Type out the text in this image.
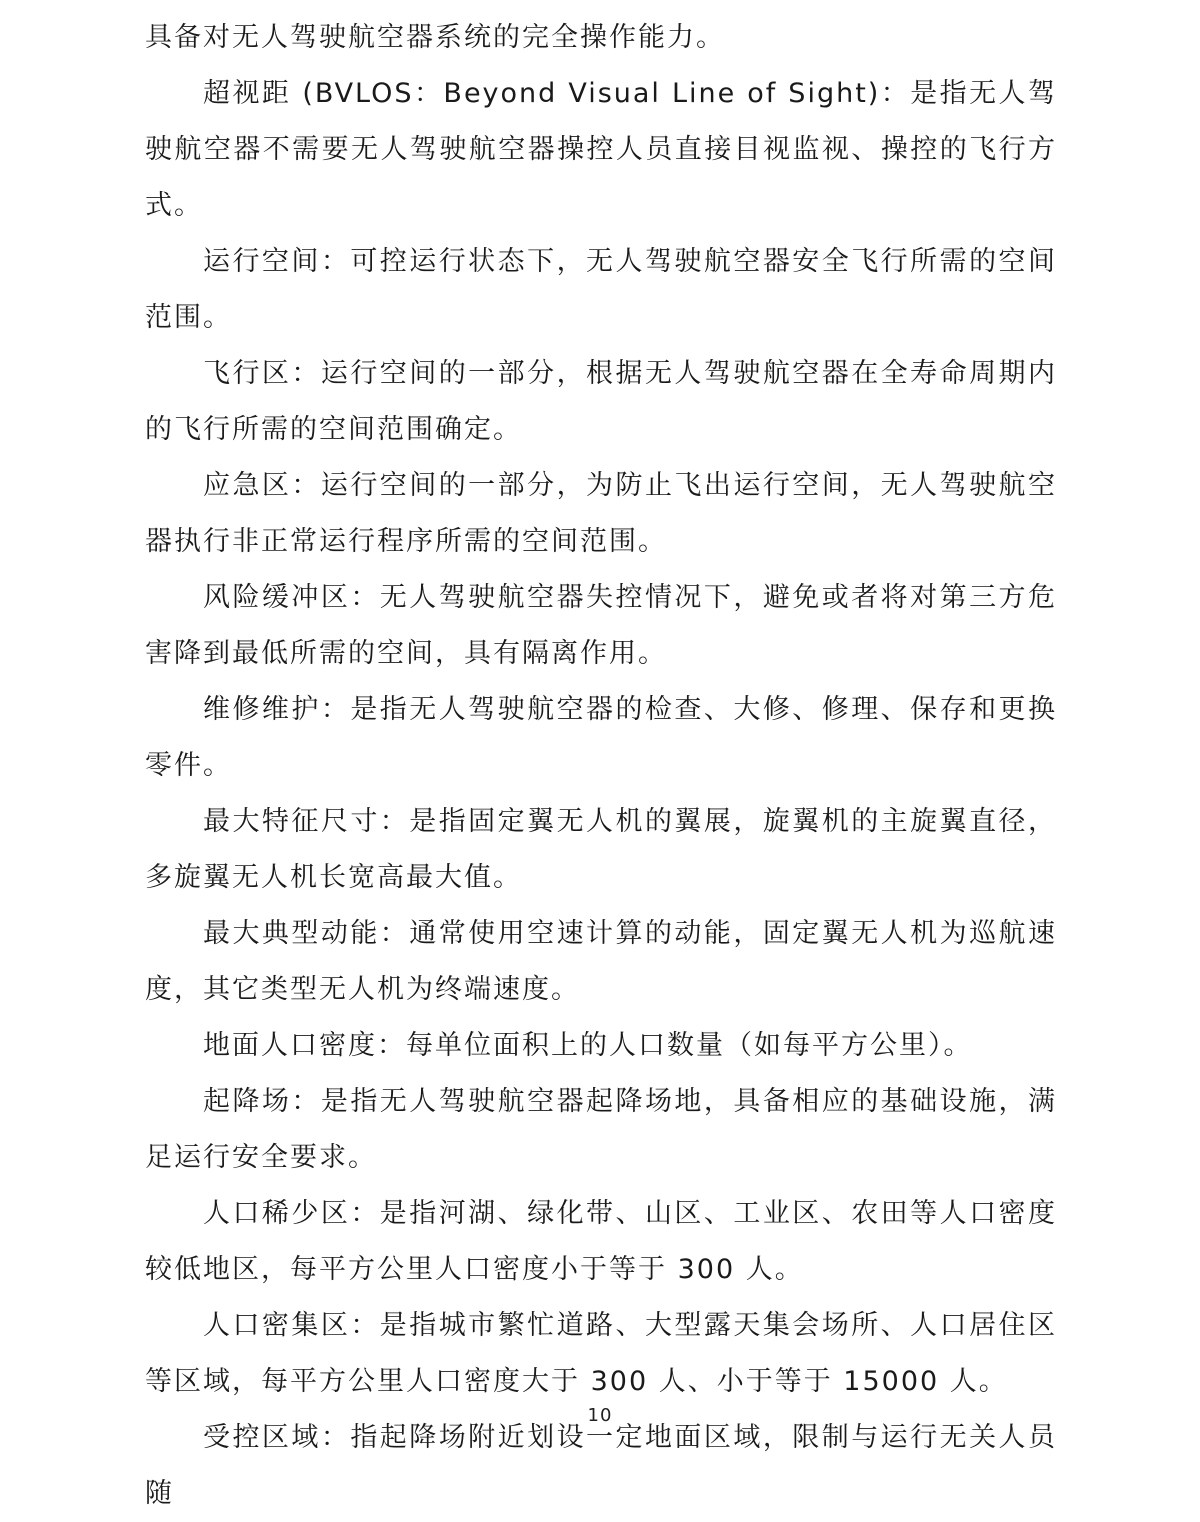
具备对无人驾驶航空器系统的完全操作能力。

超视距 (BVLOS：Beyond Visual Line of Sight)：是指无人驾驶航空器不需要无人驾驶航空器操控人员直接目视监视、操控的飞行方式。

运行空间：可控运行状态下，无人驾驶航空器安全飞行所需的空间范围。

飞行区：运行空间的一部分，根据无人驾驶航空器在全寿命周期内的飞行所需的空间范围确定。

应急区：运行空间的一部分，为防止飞出运行空间，无人驾驶航空器执行非正常运行程序所需的空间范围。

风险缓冲区：无人驾驶航空器失控情况下，避免或者将对第三方危害降到最低所需的空间，具有隔离作用。

维修维护：是指无人驾驶航空器的检查、大修、修理、保存和更换零件。

最大特征尺寸：是指固定翼无人机的翼展，旋翼机的主旋翼直径，多旋翼无人机长宽高最大值。

最大典型动能：通常使用空速计算的动能，固定翼无人机为巡航速度，其它类型无人机为终端速度。

地面人口密度：每单位面积上的人口数量（如每平方公里）。

起降场：是指无人驾驶航空器起降场地，具备相应的基础设施，满足运行安全要求。

人口稀少区：是指河湖、绿化带、山区、工业区、农田等人口密度较低地区，每平方公里人口密度小于等于 300 人。

人口密集区：是指城市繁忙道路、大型露天集会场所、人口居住区等区域，每平方公里人口密度大于 300 人、小于等于 15000 人。

受控区域：指起降场附近划设一定地面区域，限制与运行无关人员随

10
